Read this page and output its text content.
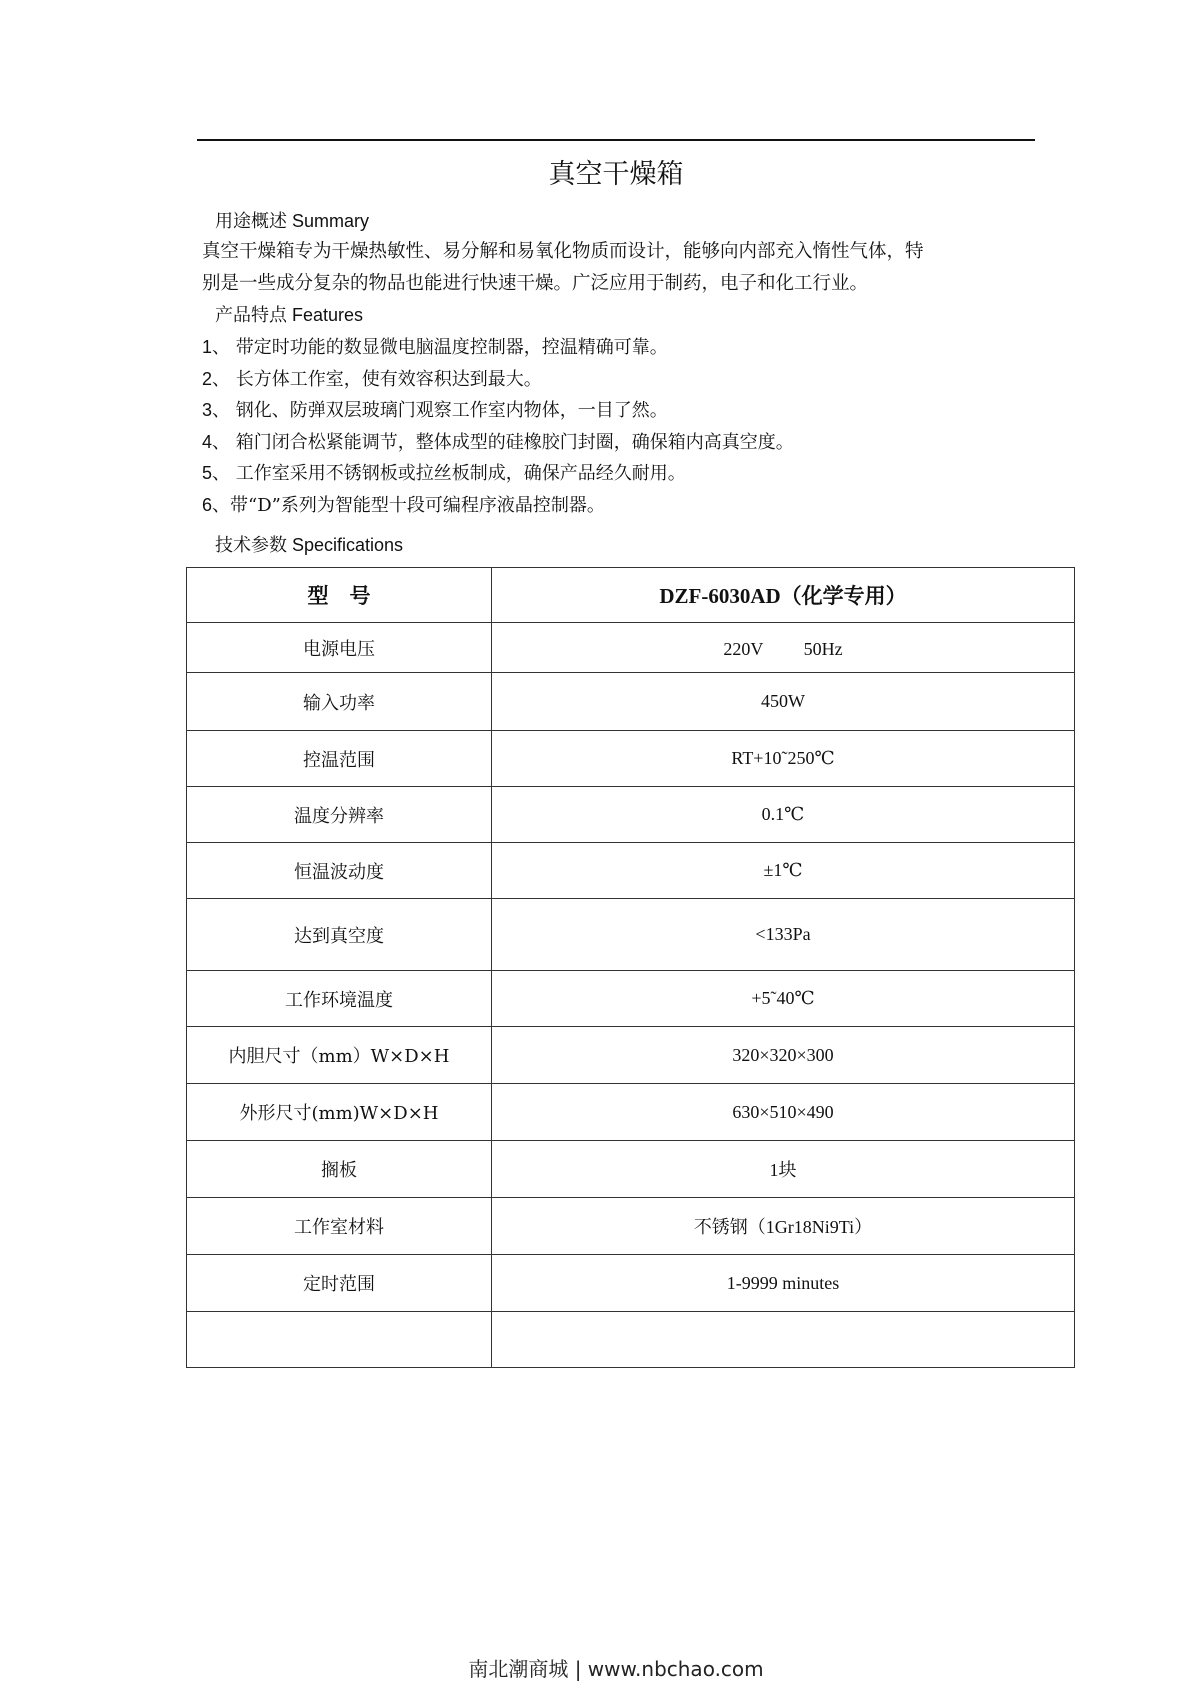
真空干燥箱
用途概述 Summary
真空干燥箱专为干燥热敏性、易分解和易氧化物质而设计，能够向内部充入惰性气体，特
别是一些成分复杂的物品也能进行快速干燥。广泛应用于制药，电子和化工行业。
产品特点 Features
1、 带定时功能的数显微电脑温度控制器，控温精确可靠。
2、 长方体工作室，使有效容积达到最大。
3、 钢化、防弹双层玻璃门观察工作室内物体，一目了然。
4、 箱门闭合松紧能调节，整体成型的硅橡胶门封圈，确保箱内高真空度。
5、 工作室采用不锈钢板或拉丝板制成，确保产品经久耐用。
6、带“D”系列为智能型十段可编程序液晶控制器。
技术参数 Specifications
型　号	DZF-6030AD（化学专用）
电源电压	220V　　 50Hz
输入功率	450W
控温范围	RT+10˜250℃
温度分辨率	0.1℃
恒温波动度	±1℃
达到真空度	<133Pa
工作环境温度	+5˜40℃
内胆尺寸（mm）W×D×H	320×320×300
外形尺寸(mm)W×D×H	630×510×490
搁板	1块
工作室材料	不锈钢（1Gr18Ni9Ti）
定时范围	1-9999 minutes

南北潮商城 | www.nbchao.com
